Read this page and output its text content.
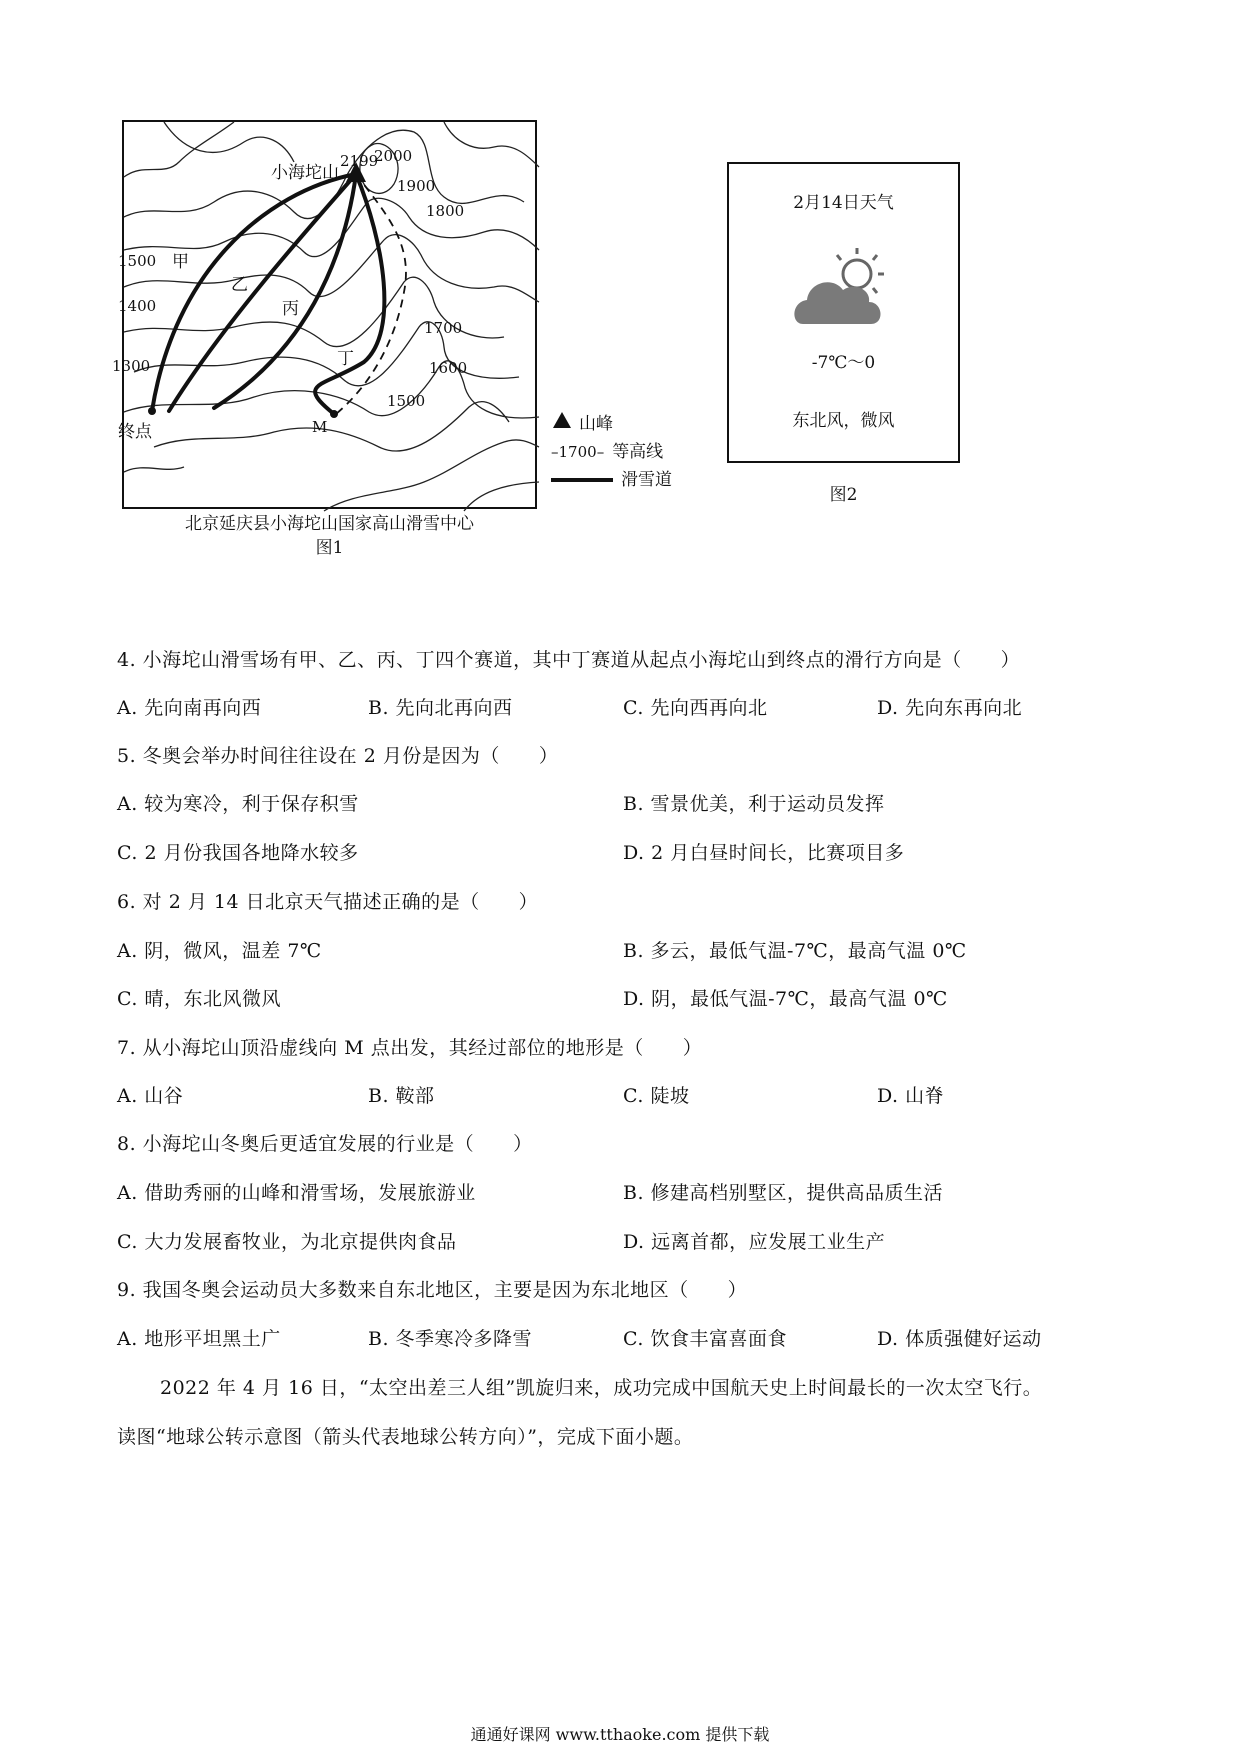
小海坨山
2199
2000
1900
1800
1700
1600
1500
1500
1400
1300
甲
乙
丙
丁
M
终点
北京延庆县小海坨山国家高山滑雪中心
图1
山峰
–1700– 等高线
滑雪道
2月14日天气
-7℃～0
东北风，微风
图2
4. 小海坨山滑雪场有甲、乙、丙、丁四个赛道，其中丁赛道从起点小海坨山到终点的滑行方向是（　　）
A. 先向南再向西	B. 先向北再向西	C. 先向西再向北	D. 先向东再向北
5. 冬奥会举办时间往往设在 2 月份是因为（　　）
A. 较为寒冷，利于保存积雪	B. 雪景优美，利于运动员发挥
C. 2 月份我国各地降水较多	D. 2 月白昼时间长，比赛项目多
6. 对 2 月 14 日北京天气描述正确的是（　　）
A. 阴，微风，温差 7℃	B. 多云，最低气温-7℃，最高气温 0℃
C. 晴，东北风微风	D. 阴，最低气温-7℃，最高气温 0℃
7. 从小海坨山顶沿虚线向 M 点出发，其经过部位的地形是（　　）
A. 山谷	B. 鞍部	C. 陡坡	D. 山脊
8. 小海坨山冬奥后更适宜发展的行业是（　　）
A. 借助秀丽的山峰和滑雪场，发展旅游业	B. 修建高档别墅区，提供高品质生活
C. 大力发展畜牧业，为北京提供肉食品	D. 远离首都，应发展工业生产
9. 我国冬奥会运动员大多数来自东北地区，主要是因为东北地区（　　）
A. 地形平坦黑土广	B. 冬季寒冷多降雪	C. 饮食丰富喜面食	D. 体质强健好运动
2022 年 4 月 16 日，“太空出差三人组”凯旋归来，成功完成中国航天史上时间最长的一次太空飞行。
读图“地球公转示意图（箭头代表地球公转方向）”，完成下面小题。
通通好课网 www.tthaoke.com 提供下载
